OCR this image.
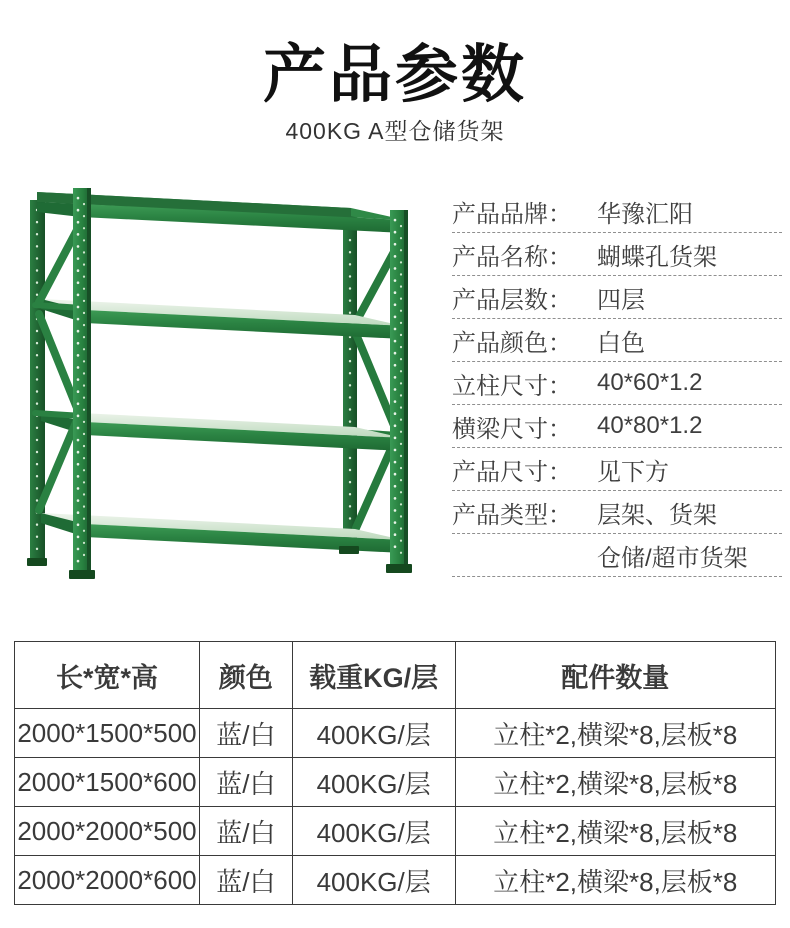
产品参数
400KG A型仓储货架
产品品牌：	华豫汇阳
产品名称：	蝴蝶孔货架
产品层数：	四层
产品颜色：	白色
立柱尺寸：	40*60*1.2
横梁尺寸：	40*80*1.2
产品尺寸：	见下方
产品类型：	层架、货架
仓储/超市货架
长*宽*高	颜色	载重KG/层	配件数量
2000*1500*500	蓝/白	400KG/层	立柱*2,横梁*8,层板*8
2000*1500*600	蓝/白	400KG/层	立柱*2,横梁*8,层板*8
2000*2000*500	蓝/白	400KG/层	立柱*2,横梁*8,层板*8
2000*2000*600	蓝/白	400KG/层	立柱*2,横梁*8,层板*8
